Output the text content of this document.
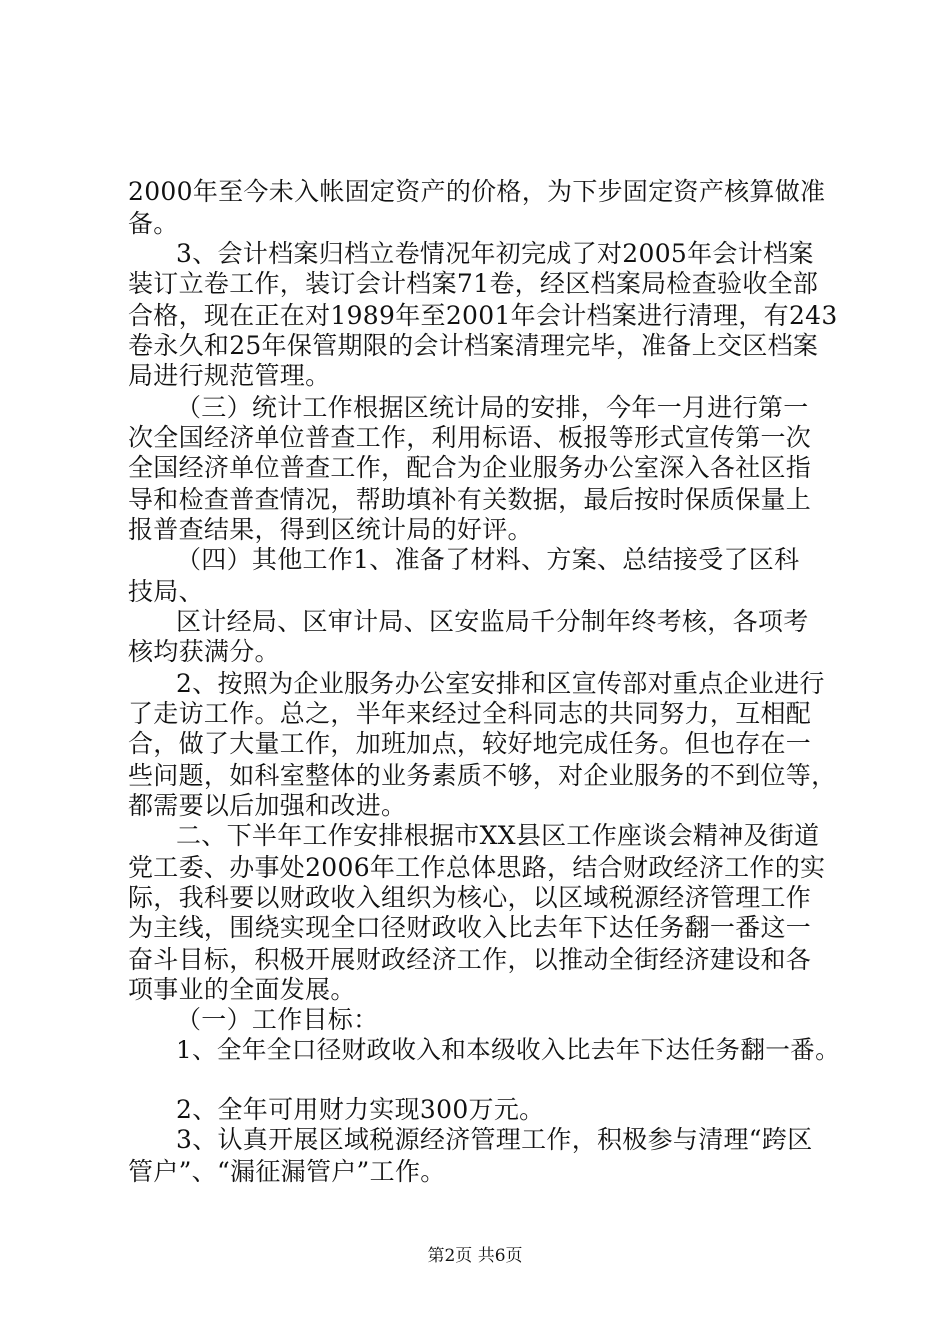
2000年至今未入帐固定资产的价格，为下步固定资产核算做准
备。
3、会计档案归档立卷情况年初完成了对2005年会计档案
装订立卷工作，装订会计档案71卷，经区档案局检查验收全部
合格，现在正在对1989年至2001年会计档案进行清理，有243
卷永久和25年保管期限的会计档案清理完毕，准备上交区档案
局进行规范管理。
（三）统计工作根据区统计局的安排，今年一月进行第一
次全国经济单位普查工作，利用标语、板报等形式宣传第一次
全国经济单位普查工作，配合为企业服务办公室深入各社区指
导和检查普查情况，帮助填补有关数据，最后按时保质保量上
报普查结果，得到区统计局的好评。
（四）其他工作1、准备了材料、方案、总结接受了区科
技局、
区计经局、区审计局、区安监局千分制年终考核，各项考
核均获满分。
2、按照为企业服务办公室安排和区宣传部对重点企业进行
了走访工作。总之，半年来经过全科同志的共同努力，互相配
合，做了大量工作，加班加点，较好地完成任务。但也存在一
些问题，如科室整体的业务素质不够，对企业服务的不到位等，
都需要以后加强和改进。
二、下半年工作安排根据市XX县区工作座谈会精神及街道
党工委、办事处2006年工作总体思路，结合财政经济工作的实
际，我科要以财政收入组织为核心，以区域税源经济管理工作
为主线，围绕实现全口径财政收入比去年下达任务翻一番这一
奋斗目标，积极开展财政经济工作，以推动全街经济建设和各
项事业的全面发展。
（一）工作目标：
1、全年全口径财政收入和本级收入比去年下达任务翻一番。
2、全年可用财力实现300万元。
3、认真开展区域税源经济管理工作，积极参与清理“跨区
管户”、“漏征漏管户”工作。
第2页 共6页
